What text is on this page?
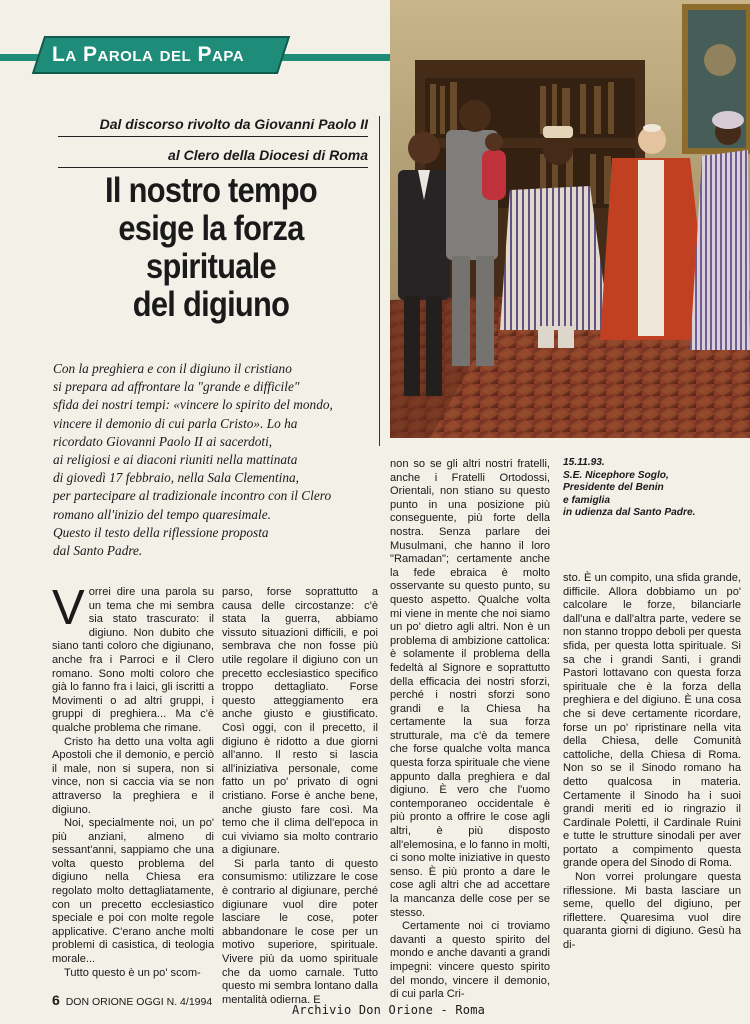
La Parola del Papa
Dal discorso rivolto da Giovanni Paolo II
al Clero della Diocesi di Roma
Il nostro tempo
esige la forza
spirituale
del digiuno
Con la preghiera e con il digiuno il cristiano
si prepara ad affrontare la "grande e difficile"
sfida dei nostri tempi: «vincere lo spirito del mondo,
vincere il demonio di cui parla Cristo». Lo ha
ricordato Giovanni Paolo II ai sacerdoti,
ai religiosi e ai diaconi riuniti nella mattinata
di giovedì 17 febbraio, nella Sala Clementina,
per partecipare al tradizionale incontro con il Clero
romano all'inizio del tempo quaresimale.
Questo il testo della riflessione proposta
dal Santo Padre.
15.11.93.
S.E. Nicephore Soglo,
Presidente del Benin
e famiglia
in udienza dal Santo Padre.

Vorrei dire una parola su un tema che mi sembra sia stato trascurato: il digiuno. Non dubito che siano tanti coloro che digiunano, anche fra i Parroci e il Clero romano. Sono molti coloro che già lo fanno fra i laici, gli iscritti a Movimenti o ad altri gruppi, i gruppi di preghiera... Ma c'è qualche problema che rimane.

Cristo ha detto una volta agli Apostoli che il demonio, e perciò il male, non si supera, non si vince, non si caccia via se non attraverso la preghiera e il digiuno.

Noi, specialmente noi, un po' più anziani, almeno di sessant'anni, sappiamo che una volta questo problema del digiuno nella Chiesa era regolato molto dettagliatamente, con un precetto ecclesiastico speciale e poi con molte regole applicative. C'erano anche molti problemi di casistica, di teologia morale...

Tutto questo è un po' scom-

parso, forse soprattutto a causa delle circostanze: c'è stata la guerra, abbiamo vissuto situazioni difficili, e poi sembrava che non fosse più utile regolare il digiuno con un precetto ecclesiastico specifico troppo dettagliato. Forse questo atteggiamento era anche giusto e giustificato. Così oggi, con il precetto, il digiuno è ridotto a due giorni all'anno. Il resto si lascia all'iniziativa personale, come fatto un po' privato di ogni cristiano. Forse è anche bene, anche giusto fare così. Ma temo che il clima dell'epoca in cui viviamo sia molto contrario a digiunare.

Si parla tanto di questo consumismo: utilizzare le cose è contrario al digiunare, perché digiunare vuol dire poter lasciare le cose, poter abbandonare le cose per un motivo superiore, spirituale. Vivere più da uomo spirituale che da uomo carnale. Tutto questo mi sembra lontano dalla mentalità odierna. E

non so se gli altri nostri fratelli, anche i Fratelli Ortodossi, Orientali, non stiano su questo punto in una posizione più conseguente, più forte della nostra. Senza parlare dei Musulmani, che hanno il loro "Ramadan"; certamente anche la fede ebraica è molto osservante su questo punto, su questo aspetto. Qualche volta mi viene in mente che noi siamo un po' dietro agli altri. Non è un problema di ambizione cattolica: è solamente il problema della fedeltà al Signore e soprattutto della efficacia dei nostri sforzi, perché i nostri sforzi sono grandi e la Chiesa ha certamente la sua forza strutturale, ma c'è da temere che forse qualche volta manca questa forza spirituale che viene appunto dalla preghiera e dal digiuno. È vero che l'uomo contemporaneo occidentale è più pronto a offrire le cose agli altri, è più disposto all'elemosina, e lo fanno in molti, ci sono molte iniziative in questo senso. È più pronto a dare le cose agli altri che ad accettare la mancanza delle cose per se stesso.

Certamente noi ci troviamo davanti a questo spirito del mondo e anche davanti a grandi impegni: vincere questo spirito del mondo, vincere il demonio, di cui parla Cri-

sto. È un compito, una sfida grande, difficile. Allora dobbiamo un po' calcolare le forze, bilanciarle dall'una e dall'altra parte, vedere se non stanno troppo deboli per questa sfida, per questa lotta spirituale. Si sa che i grandi Santi, i grandi Pastori lottavano con questa forza spirituale che è la forza della preghiera e del digiuno. È una cosa che si deve certamente ricordare, forse un po' ripristinare nella vita della Chiesa, delle Comunità cattoliche, della Chiesa di Roma. Non so se il Sinodo romano ha detto qualcosa in materia. Certamente il Sinodo ha i suoi grandi meriti ed io ringrazio il Cardinale Poletti, il Cardinale Ruini e tutte le strutture sinodali per aver portato a compimento questa grande opera del Sinodo di Roma.

Non vorrei prolungare questa riflessione. Mi basta lasciare un seme, quello del digiuno, per riflettere. Quaresima vuol dire quaranta giorni di digiuno. Gesù ha di-

6 DON ORIONE OGGI N. 4/1994
Archivio Don Orione - Roma
